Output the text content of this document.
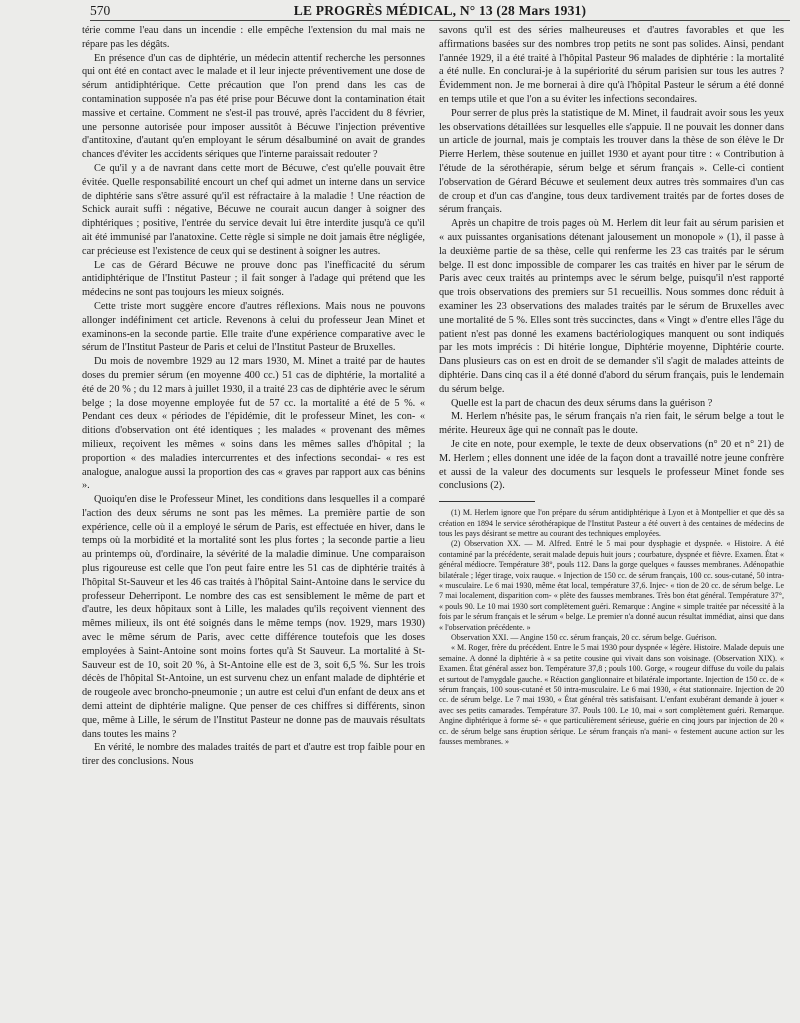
570	LE PROGRÈS MÉDICAL, N° 13 (28 Mars 1931)

térie comme l'eau dans un incendie : elle empêche l'extension du mal mais ne répare pas les dégâts.

En présence d'un cas de diphtérie, un médecin attentif recherche les personnes qui ont été en contact avec le malade et il leur injecte préventivement une dose de sérum antidiphtérique. Cette précaution que l'on prend dans les cas de contamination supposée n'a pas été prise pour Bécuwe dont la contamination était massive et certaine. Comment ne s'est-il pas trouvé, après l'accident du 8 février, une personne autorisée pour imposer aussitôt à Bécuwe l'injection préventive d'antitoxine, d'autant qu'en employant le sérum désalbuminé on avait de grandes chances d'éviter les accidents sériques que l'interne paraissait redouter ?

Ce qu'il y a de navrant dans cette mort de Bécuwe, c'est qu'elle pouvait être évitée. Quelle responsabilité encourt un chef qui admet un interne dans un service de diphtérie sans s'être assuré qu'il est réfractaire à la maladie ! Une réaction de Schick aurait suffi : négative, Bécuwe ne courait aucun danger à soigner des diphtériques ; positive, l'entrée du service devait lui être interdite jusqu'à ce qu'il ait été immunisé par l'anatoxine. Cette règle si simple ne doit jamais être négligée, car précieuse est l'existence de ceux qui se destinent à soigner les autres.

Le cas de Gérard Bécuwe ne prouve donc pas l'inefficacité du sérum antidiphtérique de l'Institut Pasteur ; il fait songer à l'adage qui prétend que les médecins ne sont pas toujours les mieux soignés.

Cette triste mort suggère encore d'autres réflexions. Mais nous ne pouvons allonger indéfiniment cet article. Revenons à celui du professeur Jean Minet et examinons-en la seconde partie. Elle traite d'une expérience comparative avec le sérum de l'Institut Pasteur de Paris et celui de l'Institut Pasteur de Bruxelles.

Du mois de novembre 1929 au 12 mars 1930, M. Minet a traité par de hautes doses du premier sérum (en moyenne 400 cc.) 51 cas de diphtérie, la mortalité a été de 20 % ; du 12 mars à juillet 1930, il a traité 23 cas de diphtérie avec le sérum belge ; la dose moyenne employée fut de 57 cc. la mortalité a été de 5 %. « Pendant ces deux « périodes de l'épidémie, dit le professeur Minet, les con- « ditions d'observation ont été identiques ; les malades « provenant des mêmes milieux, reçoivent les mêmes « soins dans les mêmes salles d'hôpital ; la proportion « des maladies intercurrentes et des infections secondai- « res est analogue, analogue aussi la proportion des cas « graves par rapport aux cas bénins ».

Quoiqu'en dise le Professeur Minet, les conditions dans lesquelles il a comparé l'action des deux sérums ne sont pas les mêmes. La première partie de son expérience, celle où il a employé le sérum de Paris, est effectuée en hiver, dans le temps où la morbidité et la mortalité sont les plus fortes ; la seconde partie a lieu au printemps où, d'ordinaire, la sévérité de la maladie diminue. Une comparaison plus rigoureuse est celle que l'on peut faire entre les 51 cas de diphtérie traités à l'hôpital St-Sauveur et les 46 cas traités à l'hôpital Saint-Antoine dans le service du professeur Deherripont. Le nombre des cas est sensiblement le même de part et d'autre, les deux hôpitaux sont à Lille, les malades qu'ils reçoivent viennent des mêmes milieux, ils ont été soignés dans le même temps (nov. 1929, mars 1930) avec le même sérum de Paris, avec cette différence toutefois que les doses employées à Saint-Antoine sont moins fortes qu'à St Sauveur. La mortalité à St-Sauveur est de 10, soit 20 %, à St-Antoine elle est de 3, soit 6,5 %. Sur les trois décès de l'hôpital St-Antoine, un est survenu chez un enfant malade de diphtérie et de rougeole avec broncho-pneumonie ; un autre est celui d'un enfant de deux ans et demi atteint de diphtérie maligne. Que penser de ces chiffres si différents, sinon que, même à Lille, le sérum de l'Institut Pasteur ne donne pas de mauvais résultats dans toutes les mains ?

En vérité, le nombre des malades traités de part et d'autre est trop faible pour en tirer des conclusions. Nous

savons qu'il est des séries malheureuses et d'autres favorables et que les affirmations basées sur des nombres trop petits ne sont pas solides. Ainsi, pendant l'année 1929, il a été traité à l'hôpital Pasteur 96 malades de diphtérie : la mortalité a été nulle. En conclurai-je à la supériorité du sérum parisien sur tous les autres ? Évidemment non. Je me bornerai à dire qu'à l'hôpital Pasteur le sérum a été donné en temps utile et que l'on a su éviter les infections secondaires.

Pour serrer de plus près la statistique de M. Minet, il faudrait avoir sous les yeux les observations détaillées sur lesquelles elle s'appuie. Il ne pouvait les donner dans un article de journal, mais je comptais les trouver dans la thèse de son élève le Dr Pierre Herlem, thèse soutenue en juillet 1930 et ayant pour titre : « Contribution à l'étude de la sérothérapie, sérum belge et sérum français ». Celle-ci contient l'observation de Gérard Bécuwe et seulement deux autres très sommaires d'un cas de croup et d'un cas d'angine, tous deux tardivement traités par de fortes doses de sérum français.

Après un chapitre de trois pages où M. Herlem dit leur fait au sérum parisien et « aux puissantes organisations détenant jalousement un monopole » (1), il passe à la deuxième partie de sa thèse, celle qui renferme les 23 cas traités par le sérum belge. Il est donc impossible de comparer les cas traités en hiver par le sérum de Paris avec ceux traités au printemps avec le sérum belge, puisqu'il n'est rapporté que trois observations des premiers sur 51 recueillis. Nous sommes donc réduit à examiner les 23 observations des malades traités par le sérum de Bruxelles avec une mortalité de 5 %. Elles sont très succinctes, dans « Vingt » d'entre elles l'âge du patient n'est pas donné les examens bactériologiques manquent ou sont indiqués par les mots imprécis : Di hitérie longue, Diphtérie moyenne, Diphtérie courte. Dans plusieurs cas on est en droit de se demander s'il s'agit de malades atteints de diphtérie. Dans cinq cas il a été donné d'abord du sérum français, puis le lendemain du sérum belge.

Quelle est la part de chacun des deux sérums dans la guérison ?

M. Herlem n'hésite pas, le sérum français n'a rien fait, le sérum belge a tout le mérite. Heureux âge qui ne connaît pas le doute.

Je cite en note, pour exemple, le texte de deux observations (n° 20 et n° 21) de M. Herlem ; elles donnent une idée de la façon dont a travaillé notre jeune confrère et aussi de la valeur des documents sur lesquels le professeur Minet fonde ses conclusions (2).

(1) M. Herlem ignore que l'on prépare du sérum antidiphtérique à Lyon et à Montpellier et que dès sa création en 1894 le service sérothérapique de l'Institut Pasteur a été ouvert à des centaines de médecins de tous les pays désirant se mettre au courant des techniques employées.

(2) Observation XX. — M. Alfred. Entré le 5 mai pour dysphagie et dyspnée. « Histoire. A été contaminé par la précédente, serait malade depuis huit jours ; courbature, dyspnée et fièvre. Examen. État « général médiocre. Température 38°, pouls 112. Dans la gorge quelques « fausses membranes. Adénopathie bilatérale ; léger tirage, voix rauque. « Injection de 150 cc. de sérum français, 100 cc. sous-cutané, 50 intra- « musculaire. Le 6 mai 1930, même état local, température 37,6. Injec- « tion de 20 cc. de sérum belge. Le 7 mai localement, disparition com- « plète des fausses membranes. Très bon état général. Température 37°, « pouls 90. Le 10 mai 1930 sort complètement guéri. Remarque : Angine « simple traitée par nécessité à la fois par le sérum français et le sérum « belge. Le premier n'a donné aucun résultat immédiat, ainsi que dans « l'observation précédente. »

Observation XXI. — Angine 150 cc. sérum français, 20 cc. sérum belge. Guérison.

« M. Roger, frère du précédent. Entre le 5 mai 1930 pour dyspnée « légère. Histoire. Malade depuis une semaine. A donné la diphtérie à « sa petite cousine qui vivait dans son voisinage. (Observation XIX). « Examen. État général assez bon. Température 37,8 ; pouls 100. Gorge, « rougeur diffuse du voile du palais et surtout de l'amygdale gauche. « Réaction ganglionnaire et bilatérale importante. Injection de 150 cc. de « sérum français, 100 sous-cutané et 50 intra-musculaire. Le 6 mai 1930, « état stationnaire. Injection de 20 cc. de sérum belge. Le 7 mai 1930, « État général très satisfaisant. L'enfant exubérant demande à jouer « avec ses petits camarades. Température 37. Pouls 100. Le 10, mai « sort complètement guéri. Remarque. Angine diphtérique à forme sé- « que particulièrement sérieuse, guérie en cinq jours par injection de 20 « cc. de sérum belge sans éruption sérique. Le sérum français n'a mani- « festement aucune action sur les fausses membranes. »
